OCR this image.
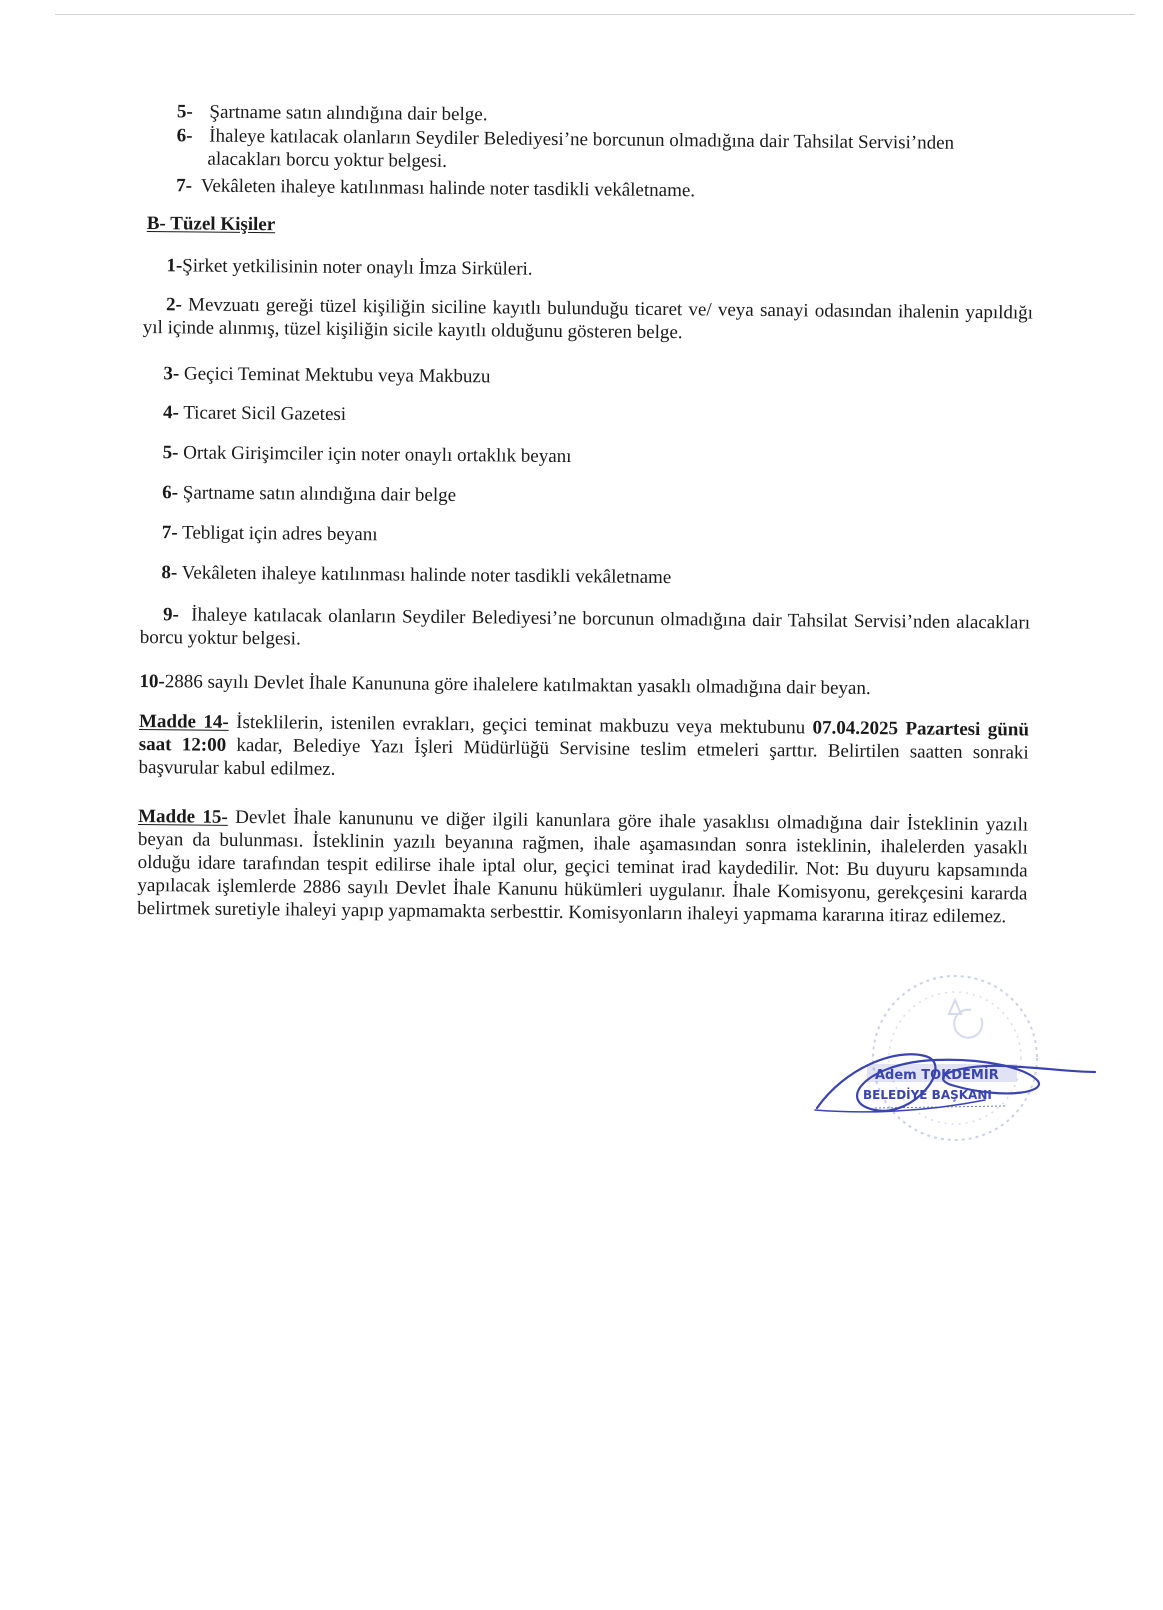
5- Şartname satın alındığına dair belge.
6- İhaleye katılacak olanların Seydiler Belediyesi’ne borcunun olmadığına dair Tahsilat Servisi’nden
alacakları borcu yoktur belgesi.
7- Vekâleten ihaleye katılınması halinde noter tasdikli vekâletname.
B- Tüzel Kişiler
1-Şirket yetkilisinin noter onaylı İmza Sirküleri.
2- Mevzuatı gereği tüzel kişiliğin siciline kayıtlı bulunduğu ticaret ve/ veya sanayi odasından ihalenin yapıldığı yıl içinde alınmış, tüzel kişiliğin sicile kayıtlı olduğunu gösteren belge.
3- Geçici Teminat Mektubu veya Makbuzu
4- Ticaret Sicil Gazetesi
5- Ortak Girişimciler için noter onaylı ortaklık beyanı
6- Şartname satın alındığına dair belge
7- Tebligat için adres beyanı
8- Vekâleten ihaleye katılınması halinde noter tasdikli vekâletname
9- İhaleye katılacak olanların Seydiler Belediyesi’ne borcunun olmadığına dair Tahsilat Servisi’nden alacakları borcu yoktur belgesi.
10-2886 sayılı Devlet İhale Kanununa göre ihalelere katılmaktan yasaklı olmadığına dair beyan.
Madde 14- İsteklilerin, istenilen evrakları, geçici teminat makbuzu veya mektubunu 07.04.2025 Pazartesi günü saat 12:00 kadar, Belediye Yazı İşleri Müdürlüğü Servisine teslim etmeleri şarttır. Belirtilen saatten sonraki başvurular kabul edilmez.
Madde 15- Devlet İhale kanununu ve diğer ilgili kanunlara göre ihale yasaklısı olmadığına dair İsteklinin yazılı beyan da bulunması. İsteklinin yazılı beyanına rağmen, ihale aşamasından sonra isteklinin, ihalelerden yasaklı olduğu idare tarafından tespit edilirse ihale iptal olur, geçici teminat irad kaydedilir. Not: Bu duyuru kapsamında yapılacak işlemlerde 2886 sayılı Devlet İhale Kanunu hükümleri uygulanır. İhale Komisyonu, gerekçesini kararda belirtmek suretiyle ihaleyi yapıp yapmamakta serbesttir. Komisyonların ihaleyi yapmama kararına itiraz edilemez.
Adem TOKDEMİR
BELEDİYE BAŞKANI
